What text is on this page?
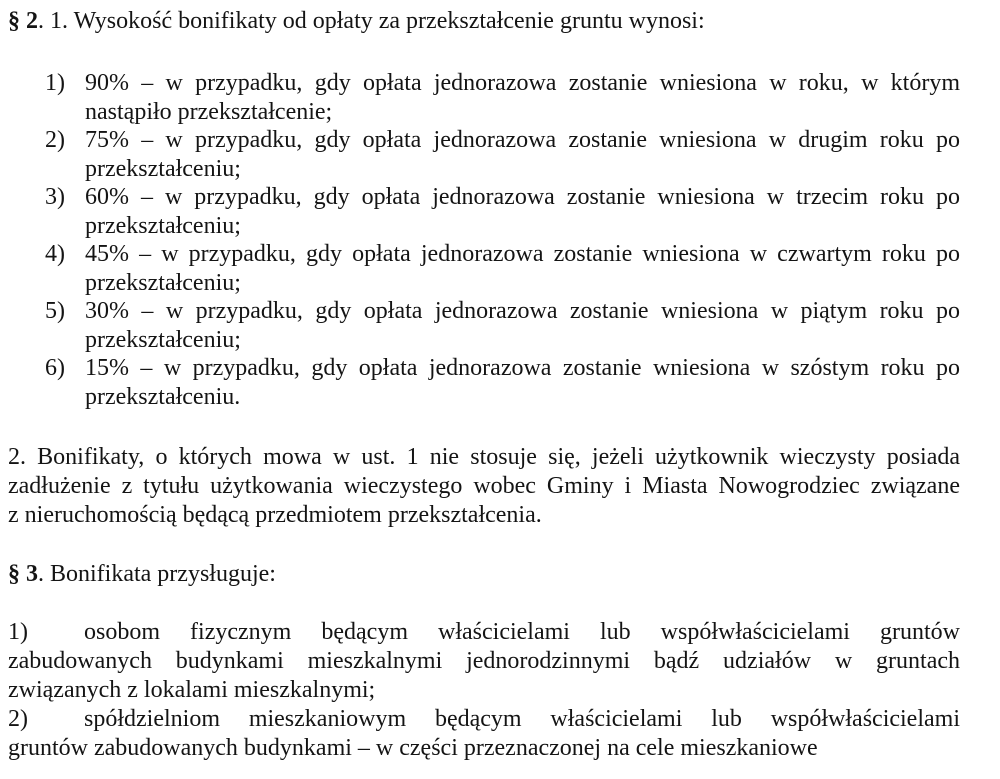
§ 2. 1. Wysokość bonifikaty od opłaty za przekształcenie gruntu wynosi:
1) 90% – w przypadku, gdy opłata jednorazowa zostanie wniesiona w roku, w którym
nastąpiło przekształcenie;
2) 75% – w przypadku, gdy opłata jednorazowa zostanie wniesiona w drugim roku po
przekształceniu;
3) 60% – w przypadku, gdy opłata jednorazowa zostanie wniesiona w trzecim roku po
przekształceniu;
4) 45% – w przypadku, gdy opłata jednorazowa zostanie wniesiona w czwartym roku po
przekształceniu;
5) 30% – w przypadku, gdy opłata jednorazowa zostanie wniesiona w piątym roku po
przekształceniu;
6) 15% – w przypadku, gdy opłata jednorazowa zostanie wniesiona w szóstym roku po
przekształceniu.
2. Bonifikaty, o których mowa w ust. 1 nie stosuje się, jeżeli użytkownik wieczysty posiada
zadłużenie z tytułu użytkowania wieczystego wobec Gminy i Miasta Nowogrodziec związane
z nieruchomością będącą przedmiotem przekształcenia.
§ 3. Bonifikata przysługuje:
1)	osobom fizycznym będącym właścicielami lub współwłaścicielami gruntów
zabudowanych budynkami mieszkalnymi jednorodzinnymi bądź udziałów w gruntach
związanych z lokalami mieszkalnymi;
2)	spółdzielniom mieszkaniowym będącym właścicielami lub współwłaścicielami
gruntów zabudowanych budynkami – w części przeznaczonej na cele mieszkaniowe
